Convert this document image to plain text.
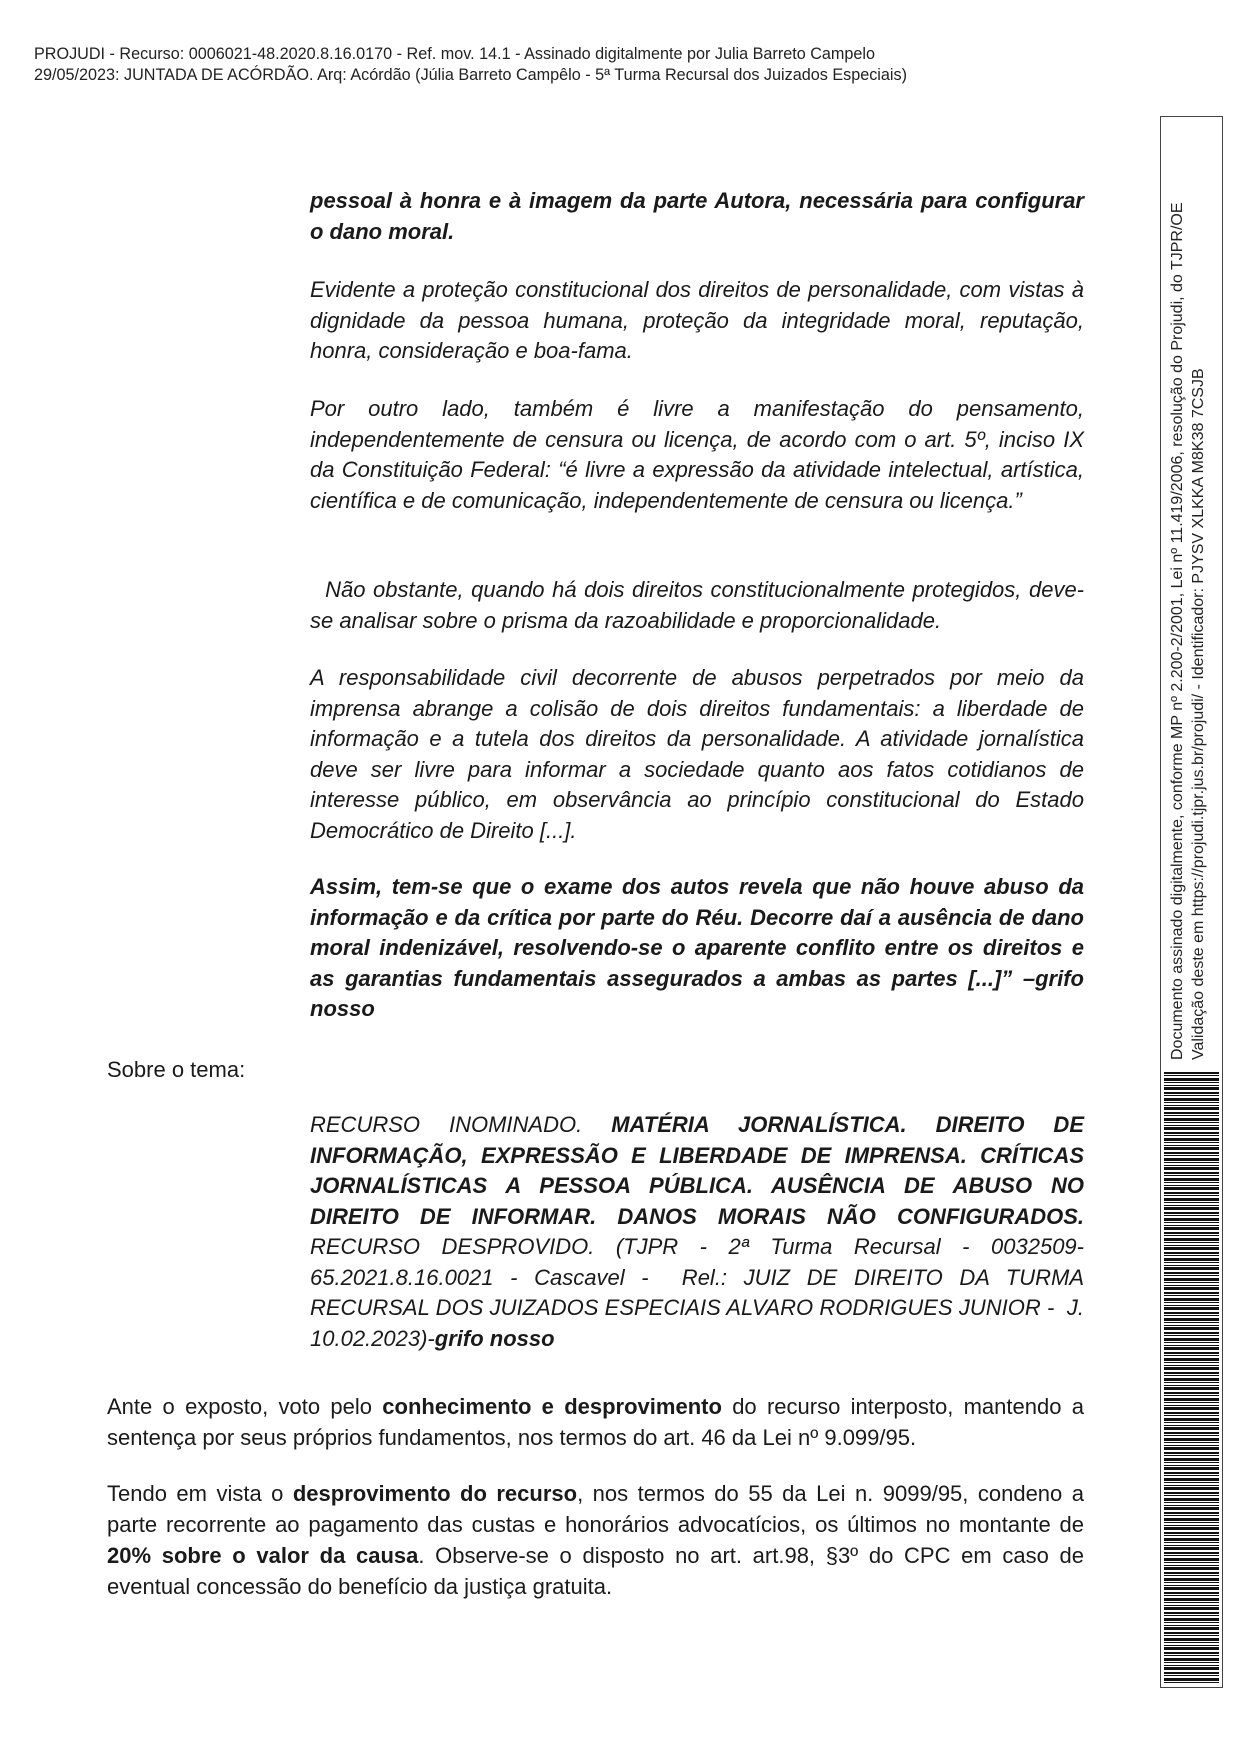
PROJUDI - Recurso: 0006021-48.2020.8.16.0170 - Ref. mov. 14.1 - Assinado digitalmente por Julia Barreto Campelo
29/05/2023: JUNTADA DE ACÓRDÃO. Arq: Acórdão (Júlia Barreto Campêlo - 5ª Turma Recursal dos Juizados Especiais)

pessoal à honra e à imagem da parte Autora, necessária para configurar o dano moral.

Evidente a proteção constitucional dos direitos de personalidade, com vistas à dignidade da pessoa humana, proteção da integridade moral, reputação, honra, consideração e boa-fama.

Por outro lado, também é livre a manifestação do pensamento, independentemente de censura ou licença, de acordo com o art. 5º, inciso IX da Constituição Federal: “é livre a expressão da atividade intelectual, artística, científica e de comunicação, independentemente de censura ou licença.”

Não obstante, quando há dois direitos constitucionalmente protegidos, deve-se analisar sobre o prisma da razoabilidade e proporcionalidade.

A responsabilidade civil decorrente de abusos perpetrados por meio da imprensa abrange a colisão de dois direitos fundamentais: a liberdade de informação e a tutela dos direitos da personalidade. A atividade jornalística deve ser livre para informar a sociedade quanto aos fatos cotidianos de interesse público, em observância ao princípio constitucional do Estado Democrático de Direito [...].

Assim, tem-se que o exame dos autos revela que não houve abuso da informação e da crítica por parte do Réu. Decorre daí a ausência de dano moral indenizável, resolvendo-se o aparente conflito entre os direitos e as garantias fundamentais assegurados a ambas as partes [...]” –grifo nosso

Sobre o tema:

RECURSO INOMINADO. MATÉRIA JORNALÍSTICA. DIREITO DE INFORMAÇÃO, EXPRESSÃO E LIBERDADE DE IMPRENSA. CRÍTICAS JORNALÍSTICAS A PESSOA PÚBLICA. AUSÊNCIA DE ABUSO NO DIREITO DE INFORMAR. DANOS MORAIS NÃO CONFIGURADOS. RECURSO DESPROVIDO. (TJPR - 2ª Turma Recursal - 0032509-65.2021.8.16.0021 - Cascavel -  Rel.: JUIZ DE DIREITO DA TURMA RECURSAL DOS JUIZADOS ESPECIAIS ALVARO RODRIGUES JUNIOR -  J. 10.02.2023)-grifo nosso

Ante o exposto, voto pelo conhecimento e desprovimento do recurso interposto, mantendo a sentença por seus próprios fundamentos, nos termos do art. 46 da Lei nº 9.099/95.

Tendo em vista o desprovimento do recurso, nos termos do 55 da Lei n. 9099/95, condeno a parte recorrente ao pagamento das custas e honorários advocatícios, os últimos no montante de 20% sobre o valor da causa. Observe-se o disposto no art. art.98, §3º do CPC em caso de eventual concessão do benefício da justiça gratuita.

Documento assinado digitalmente, conforme MP nº 2.200-2/2001, Lei nº 11.419/2006, resolução do Projudi, do TJPR/OE Validação deste em https://projudi.tjpr.jus.br/projudi/ - Identificador: PJYSV XLKKA M8K38 7CSJB
